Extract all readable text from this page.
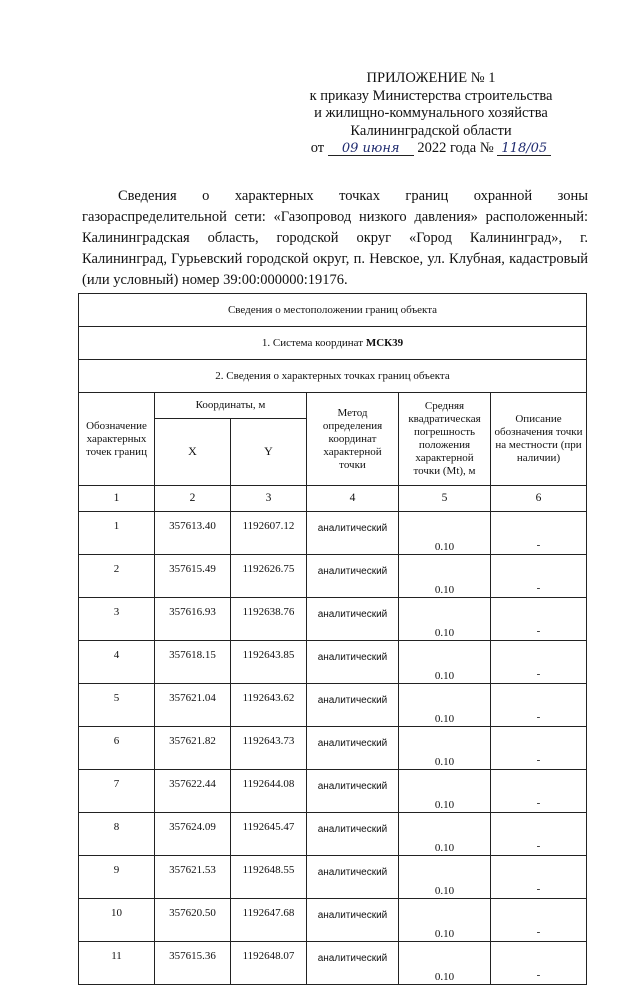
ПРИЛОЖЕНИЕ № 1
к приказу Министерства строительства
и жилищно-коммунального хозяйства
Калининградской области
от 09 июня 2022 года № 118/05

Сведения о характерных точках границ охранной зоны газораспределительной сети: «Газопровод низкого давления» расположенный: Калининградская область, городской округ «Город Калининград», г. Калининград, Гурьевский городской округ, п. Невское, ул. Клубная, кадастровый (или условный) номер 39:00:000000:19176.

Сведения о местоположении границ объекта					
1. Система координат МСК39					
2. Сведения о характерных точках границ объекта					
Обозначение характерных точек границ	Координаты, м		Метод определения координат характерной точки	Средняя квадратическая погрешность положения характерной точки (Mt), м	Описание обозначения точки на местности (при наличии)
	X	Y			
1	2	3	4	5	6
1	357613.40	1192607.12	аналитический	0.10	-
2	357615.49	1192626.75	аналитический	0.10	-
3	357616.93	1192638.76	аналитический	0.10	-
4	357618.15	1192643.85	аналитический	0.10	-
5	357621.04	1192643.62	аналитический	0.10	-
6	357621.82	1192643.73	аналитический	0.10	-
7	357622.44	1192644.08	аналитический	0.10	-
8	357624.09	1192645.47	аналитический	0.10	-
9	357621.53	1192648.55	аналитический	0.10	-
10	357620.50	1192647.68	аналитический	0.10	-
11	357615.36	1192648.07	аналитический	0.10	-
